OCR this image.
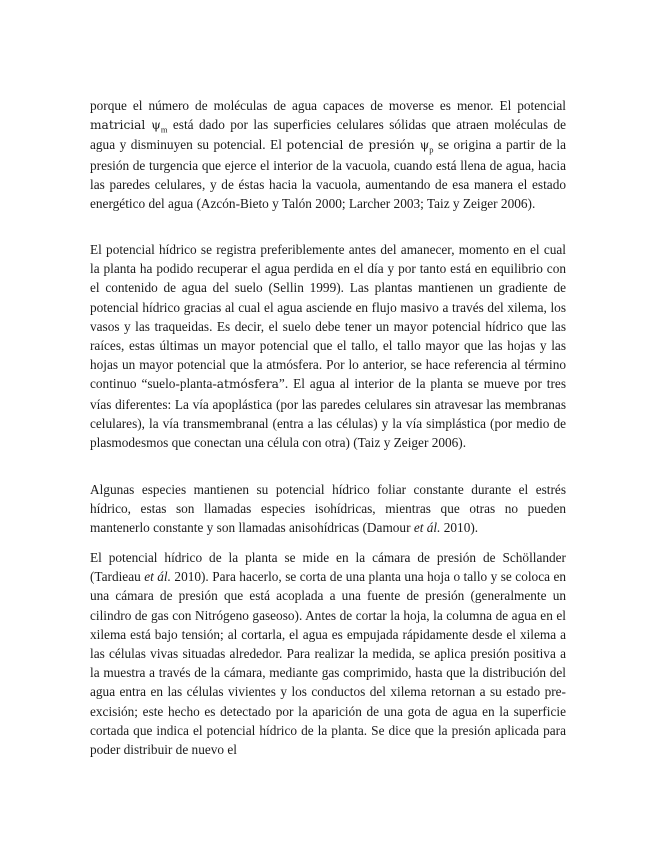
porque el número de moléculas de agua capaces de moverse es menor. El potencial matricial $\psi_m$ está dado por las superficies celulares sólidas que atraen moléculas de agua y disminuyen su potencial. El potencial de presión $\psi_p$ se origina a partir de la presión de turgencia que ejerce el interior de la vacuola, cuando está llena de agua, hacia las paredes celulares, y de éstas hacia la vacuola, aumentando de esa manera el estado energético del agua (Azcón-Bieto y Talón 2000; Larcher 2003; Taiz y Zeiger 2006).

El potencial hídrico se registra preferiblemente antes del amanecer, momento en el cual la planta ha podido recuperar el agua perdida en el día y por tanto está en equilibrio con el contenido de agua del suelo (Sellin 1999). Las plantas mantienen un gradiente de potencial hídrico gracias al cual el agua asciende en flujo masivo a través del xilema, los vasos y las traqueidas. Es decir, el suelo debe tener un mayor potencial hídrico que las raíces, estas últimas un mayor potencial que el tallo, el tallo mayor que las hojas y las hojas un mayor potencial que la atmósfera. Por lo anterior, se hace referencia al término continuo “suelo-planta-atmósfera”. El agua al interior de la planta se mueve por tres vías diferentes: La vía apoplástica (por las paredes celulares sin atravesar las membranas celulares), la vía transmembranal (entra a las células) y la vía simplástica (por medio de plasmodesmos que conectan una célula con otra) (Taiz y Zeiger 2006).

Algunas especies mantienen su potencial hídrico foliar constante durante el estrés hídrico, estas son llamadas especies isohídricas, mientras que otras no pueden mantenerlo constante y son llamadas anisohídricas (Damour et ál. 2010).

El potencial hídrico de la planta se mide en la cámara de presión de Schöllander (Tardieau et ál. 2010). Para hacerlo, se corta de una planta una hoja o tallo y se coloca en una cámara de presión que está acoplada a una fuente de presión (generalmente un cilindro de gas con Nitrógeno gaseoso). Antes de cortar la hoja, la columna de agua en el xilema está bajo tensión; al cortarla, el agua es empujada rápidamente desde el xilema a las células vivas situadas alrededor. Para realizar la medida, se aplica presión positiva a la muestra a través de la cámara, mediante gas comprimido, hasta que la distribución del agua entra en las células vivientes y los conductos del xilema retornan a su estado pre-excisión; este hecho es detectado por la aparición de una gota de agua en la superficie cortada que indica el potencial hídrico de la planta. Se dice que la presión aplicada para poder distribuir de nuevo el
